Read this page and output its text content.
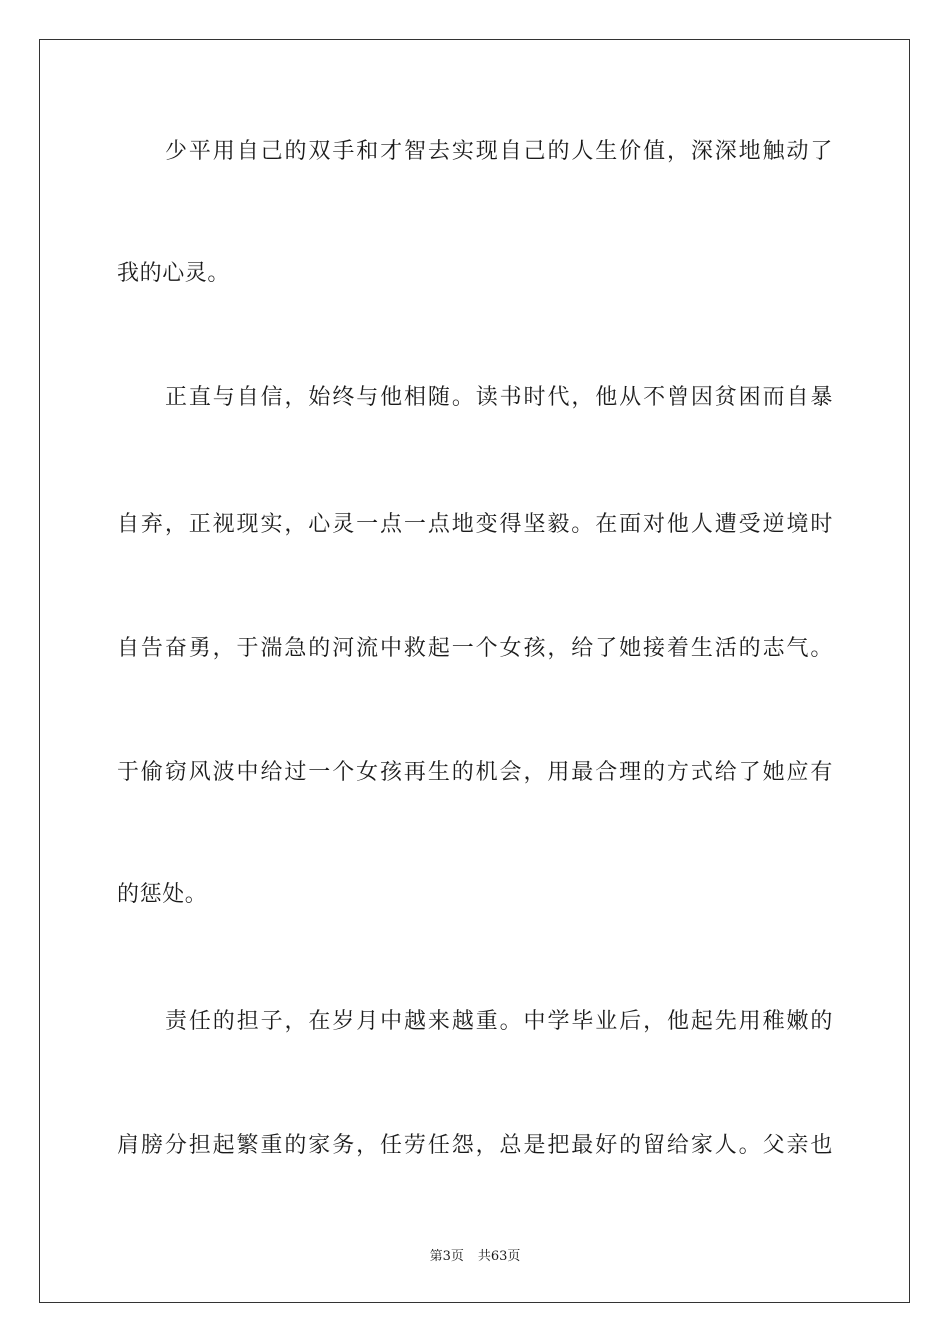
少平用自己的双手和才智去实现自己的人生价值，深深地触动了
我的心灵。
正直与自信，始终与他相随。读书时代，他从不曾因贫困而自暴
自弃，正视现实，心灵一点一点地变得坚毅。在面对他人遭受逆境时
自告奋勇，于湍急的河流中救起一个女孩，给了她接着生活的志气。
于偷窃风波中给过一个女孩再生的机会，用最合理的方式给了她应有
的惩处。
责任的担子，在岁月中越来越重。中学毕业后，他起先用稚嫩的
肩膀分担起繁重的家务，任劳任怨，总是把最好的留给家人。父亲也
第3页 共63页
